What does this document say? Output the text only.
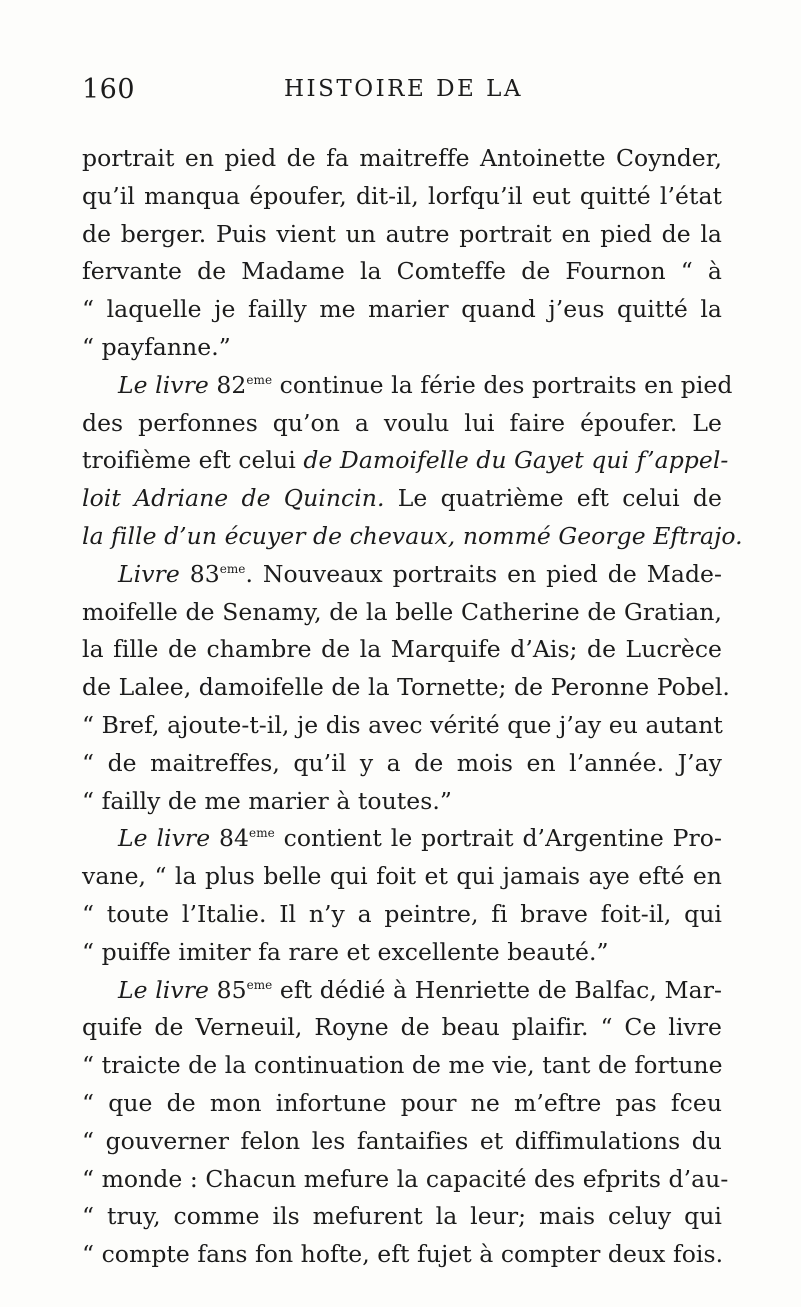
160	HISTOIRE DE LA
portrait en pied de fa maitreffe Antoinette Coynder,
qu’il manqua époufer, dit-il, lorfqu’il eut quitté l’état
de berger. Puis vient un autre portrait en pied de la
fervante de Madame la Comteffe de Fournon “ à
“ laquelle je failly me marier quand j’eus quitté la
“ payfanne.”
Le livre 82eme continue la férie des portraits en pied
des perfonnes qu’on a voulu lui faire époufer. Le
troifième eft celui de Damoifelle du Gayet qui f’appel-
loit Adriane de Quincin. Le quatrième eft celui de
la fille d’un écuyer de chevaux, nommé George Eftrajo.
Livre 83eme. Nouveaux portraits en pied de Made-
moifelle de Senamy, de la belle Catherine de Gratian,
la fille de chambre de la Marquife d’Ais; de Lucrèce
de Lalee, damoifelle de la Tornette; de Peronne Pobel.
“ Bref, ajoute-t-il, je dis avec vérité que j’ay eu autant
“ de maitreffes, qu’il y a de mois en l’année. J’ay
“ failly de me marier à toutes.”
Le livre 84eme contient le portrait d’Argentine Pro-
vane, “ la plus belle qui foit et qui jamais aye efté en
“ toute l’Italie. Il n’y a peintre, fi brave foit-il, qui
“ puiffe imiter fa rare et excellente beauté.”
Le livre 85eme eft dédié à Henriette de Balfac, Mar-
quife de Verneuil, Royne de beau plaifir. “ Ce livre
“ traicte de la continuation de me vie, tant de fortune
“ que de mon infortune pour ne m’eftre pas fceu
“ gouverner felon les fantaifies et diffimulations du
“ monde : Chacun mefure la capacité des efprits d’au-
“ truy, comme ils mefurent la leur; mais celuy qui
“ compte fans fon hofte, eft fujet à compter deux fois.
